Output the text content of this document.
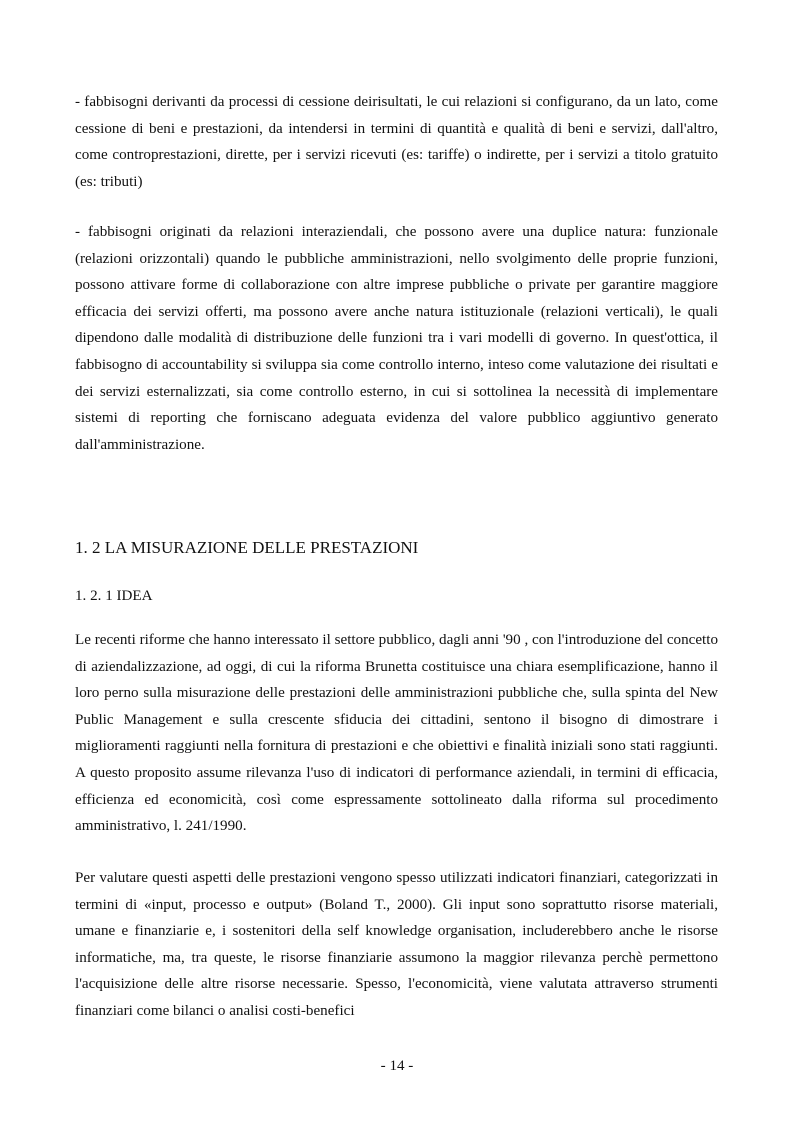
- fabbisogni derivanti da processi di cessione deirisultati, le cui relazioni si configurano, da un lato, come cessione di beni e prestazioni, da intendersi in termini di quantità e qualità di beni e servizi, dall'altro, come controprestazioni, dirette, per i servizi ricevuti (es: tariffe) o indirette, per i servizi a titolo gratuito (es: tributi)

- fabbisogni originati da relazioni interaziendali, che possono avere una duplice natura: funzionale (relazioni orizzontali) quando le pubbliche amministrazioni, nello svolgimento delle proprie funzioni, possono attivare forme di collaborazione con altre imprese pubbliche o private per garantire maggiore efficacia dei servizi offerti, ma possono avere anche natura istituzionale (relazioni verticali), le quali dipendono dalle modalità di distribuzione delle funzioni tra i vari modelli di governo. In quest'ottica, il fabbisogno di accountability si sviluppa sia come controllo interno, inteso come valutazione dei risultati e dei servizi esternalizzati, sia come controllo esterno, in cui si sottolinea la necessità di implementare sistemi di reporting che forniscano adeguata evidenza del valore pubblico aggiuntivo generato dall'amministrazione.

1. 2 LA MISURAZIONE DELLE PRESTAZIONI
1. 2. 1 IDEA

Le recenti riforme che hanno interessato il settore pubblico, dagli anni '90 , con l'introduzione del concetto di aziendalizzazione, ad oggi, di cui la riforma Brunetta costituisce una chiara esemplificazione, hanno il loro perno sulla misurazione delle prestazioni delle amministrazioni pubbliche che, sulla spinta del New Public Management e sulla crescente sfiducia dei cittadini, sentono il bisogno di dimostrare i miglioramenti raggiunti nella fornitura di prestazioni e che obiettivi e finalità iniziali sono stati raggiunti. A questo proposito assume rilevanza l'uso di indicatori di performance aziendali, in termini di efficacia, efficienza ed economicità, così come espressamente sottolineato dalla riforma sul procedimento amministrativo, l. 241/1990.

Per valutare questi aspetti delle prestazioni vengono spesso utilizzati indicatori finanziari, categorizzati in termini di «input, processo e output» (Boland T., 2000). Gli input sono soprattutto risorse materiali, umane e finanziarie e, i sostenitori della self knowledge organisation, includerebbero anche le risorse informatiche, ma, tra queste, le risorse finanziarie assumono la maggior rilevanza perchè permettono l'acquisizione delle altre risorse necessarie. Spesso, l'economicità, viene valutata attraverso strumenti finanziari come bilanci o analisi costi-benefici

- 14 -
